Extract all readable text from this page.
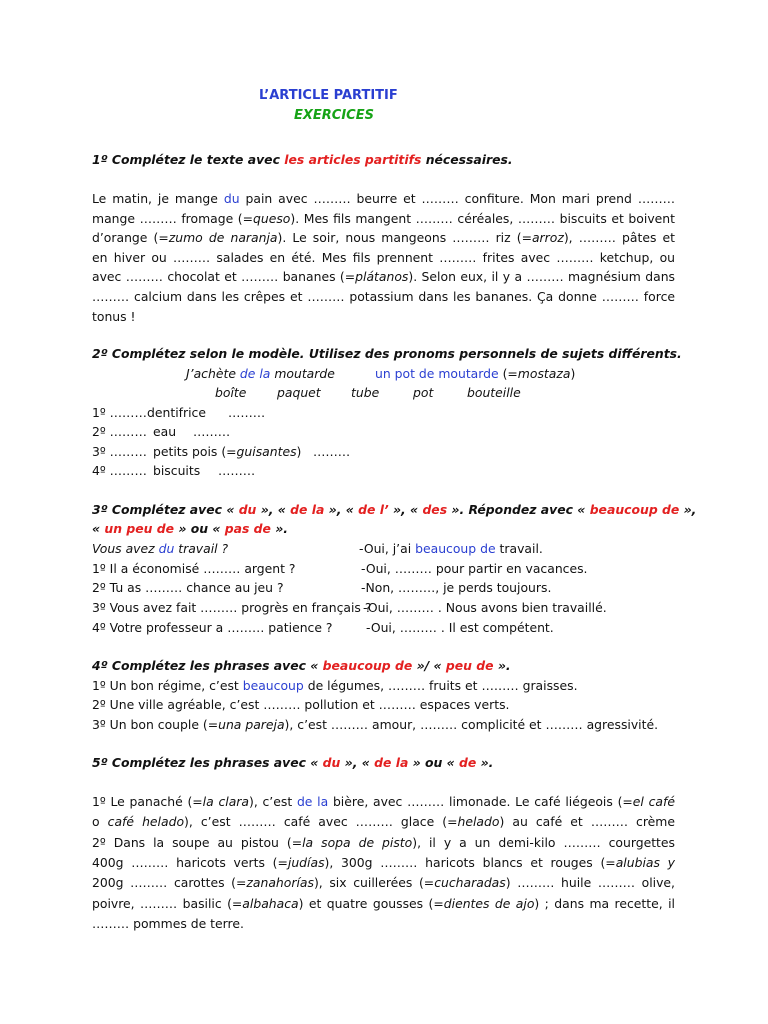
L’ARTICLE PARTITIF
EXERCICES
1º Complétez le texte avec les articles partitifs nécessaires.
Le matin, je mange du pain avec ……… beurre et ……… confiture. Mon mari prend ………
mange ……… fromage (=queso). Mes fils mangent ……… céréales, ……… biscuits et boivent
d’orange (=zumo de naranja). Le soir, nous mangeons ……… riz (=arroz), ……… pâtes et
en hiver ou ……… salades en été. Mes fils prennent ……… frites avec ……… ketchup, ou
avec ……… chocolat et ……… bananes (=plátanos). Selon eux, il y a ……… magnésium dans
……… calcium dans les crêpes et ……… potassium dans les bananes. Ça donne ……… force
tonus !
2º Complétez selon le modèle. Utilisez des pronoms personnels de sujets différents.
J’achète de la moutarde	un pot de moutarde (=mostaza)
boîte paquet tube	pot	bouteille
1º ……… dentifrice ………
2º ……… eau ………
3º ……… petits pois (=guisantes) ………
4º ……… biscuits ………
3º Complétez avec « du », « de la », « de l’ », « des ». Répondez avec « beaucoup de »,
« un peu de » ou « pas de ».
Vous avez du travail ?	-Oui, j’ai beaucoup de travail.
1º Il a économisé ……… argent ?	-Oui, ……… pour partir en vacances.
2º Tu as ……… chance au jeu ?	-Non, ………, je perds toujours.
3º Vous avez fait ……… progrès en français ?
-Oui, ……… . Nous avons bien travaillé.
4º Votre professeur a ……… patience ?	-Oui, ……… . Il est compétent.
4º Complétez les phrases avec « beaucoup de »/ « peu de ».
1º Un bon régime, c’est beaucoup de légumes, ……… fruits et ……… graisses.
2º Une ville agréable, c’est ……… pollution et ……… espaces verts.
3º Un bon couple (=una pareja), c’est ……… amour, ……… complicité et ……… agressivité.
5º Complétez les phrases avec « du », « de la » ou « de ».
1º Le panaché (=la clara), c’est de la bière, avec ……… limonade. Le café liégeois (=el café
o café helado), c’est ……… café avec ……… glace (=helado) au café et ……… crème
2º Dans la soupe au pistou (=la sopa de pisto), il y a un demi-kilo ……… courgettes
400g ……… haricots verts (=judías), 300g ……… haricots blancs et rouges (=alubias y
200g ……… carottes (=zanahorías), six cuillerées (=cucharadas) ……… huile ……… olive,
poivre, ……… basilic (=albahaca) et quatre gousses (=dientes de ajo) ; dans ma recette, il
……… pommes de terre.
